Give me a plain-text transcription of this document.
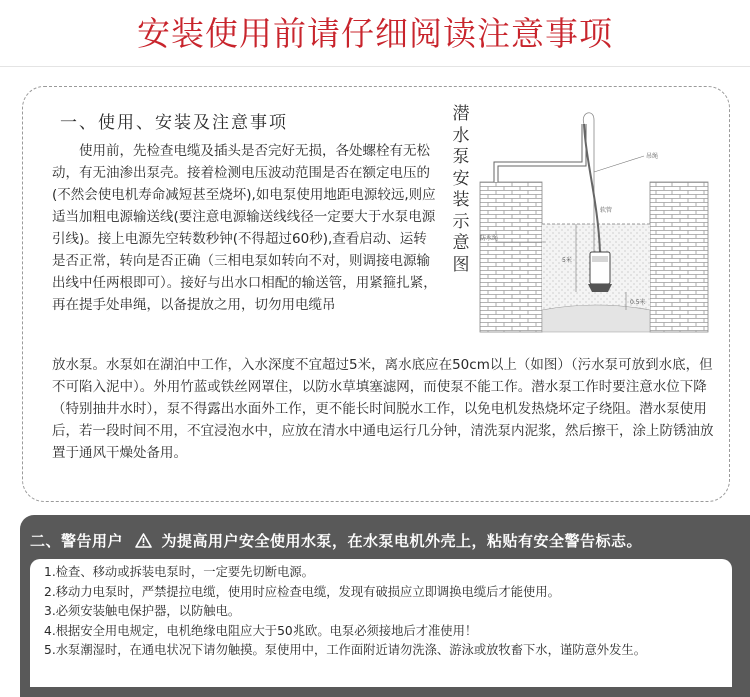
安装使用前请仔细阅读注意事项
一、使用、安装及注意事项

使用前，先检查电缆及插头是否完好无损，各处螺栓有无松动，有无油渗出泵壳。接着检测电压波动范围是否在额定电压的(不然会使电机寿命减短甚至烧坏),如电泵使用地距电源较远,则应适当加粗电源输送线(要注意电源输送线线径一定要大于水泵电源引线)。接上电源先空转数秒钟(不得超过60秒),查看启动、运转是否正常，转向是否正确（三相电泵如转向不对，则调接电源输出线中任两根即可）。接好与出水口相配的输送管，用紧箍扎紧，再在提手处串绳，以备提放之用，切勿用电缆吊

放水泵。水泵如在湖泊中工作，入水深度不宜超过5米，离水底应在50cm以上（如图）（污水泵可放到水底，但不可陷入泥中）。外用竹蓝或铁丝网罩住，以防水草填塞滤网，而使泵不能工作。潜水泵工作时要注意水位下降（特别抽井水时），泵不得露出水面外工作，更不能长时间脱水工作，以免电机发热烧坏定子绕阻。潜水泵使用后，若一段时间不用，不宜浸泡水中，应放在清水中通电运行几分钟，清洗泵内泥浆，然后擦干，涂上防锈油放置于通风干燥处备用。

潜水泵安装示意图
吊绳
防水绳
5米
0.5米
软管
二、警告用户	为提高用户安全使用水泵，在水泵电机外壳上，粘贴有安全警告标志。
1.检查、移动或拆装电泵时，一定要先切断电源。
2.移动力电泵时，严禁提拉电缆，使用时应检查电缆，发现有破损应立即调换电缆后才能使用。
3.必须安装触电保护器，以防触电。
4.根据安全用电规定，电机绝缘电阻应大于50兆欧。电泵必须接地后才准使用！
5.水泵潮湿时，在通电状况下请勿触摸。泵使用中，工作面附近请勿洗涤、游泳或放牧畜下水，谨防意外发生。
